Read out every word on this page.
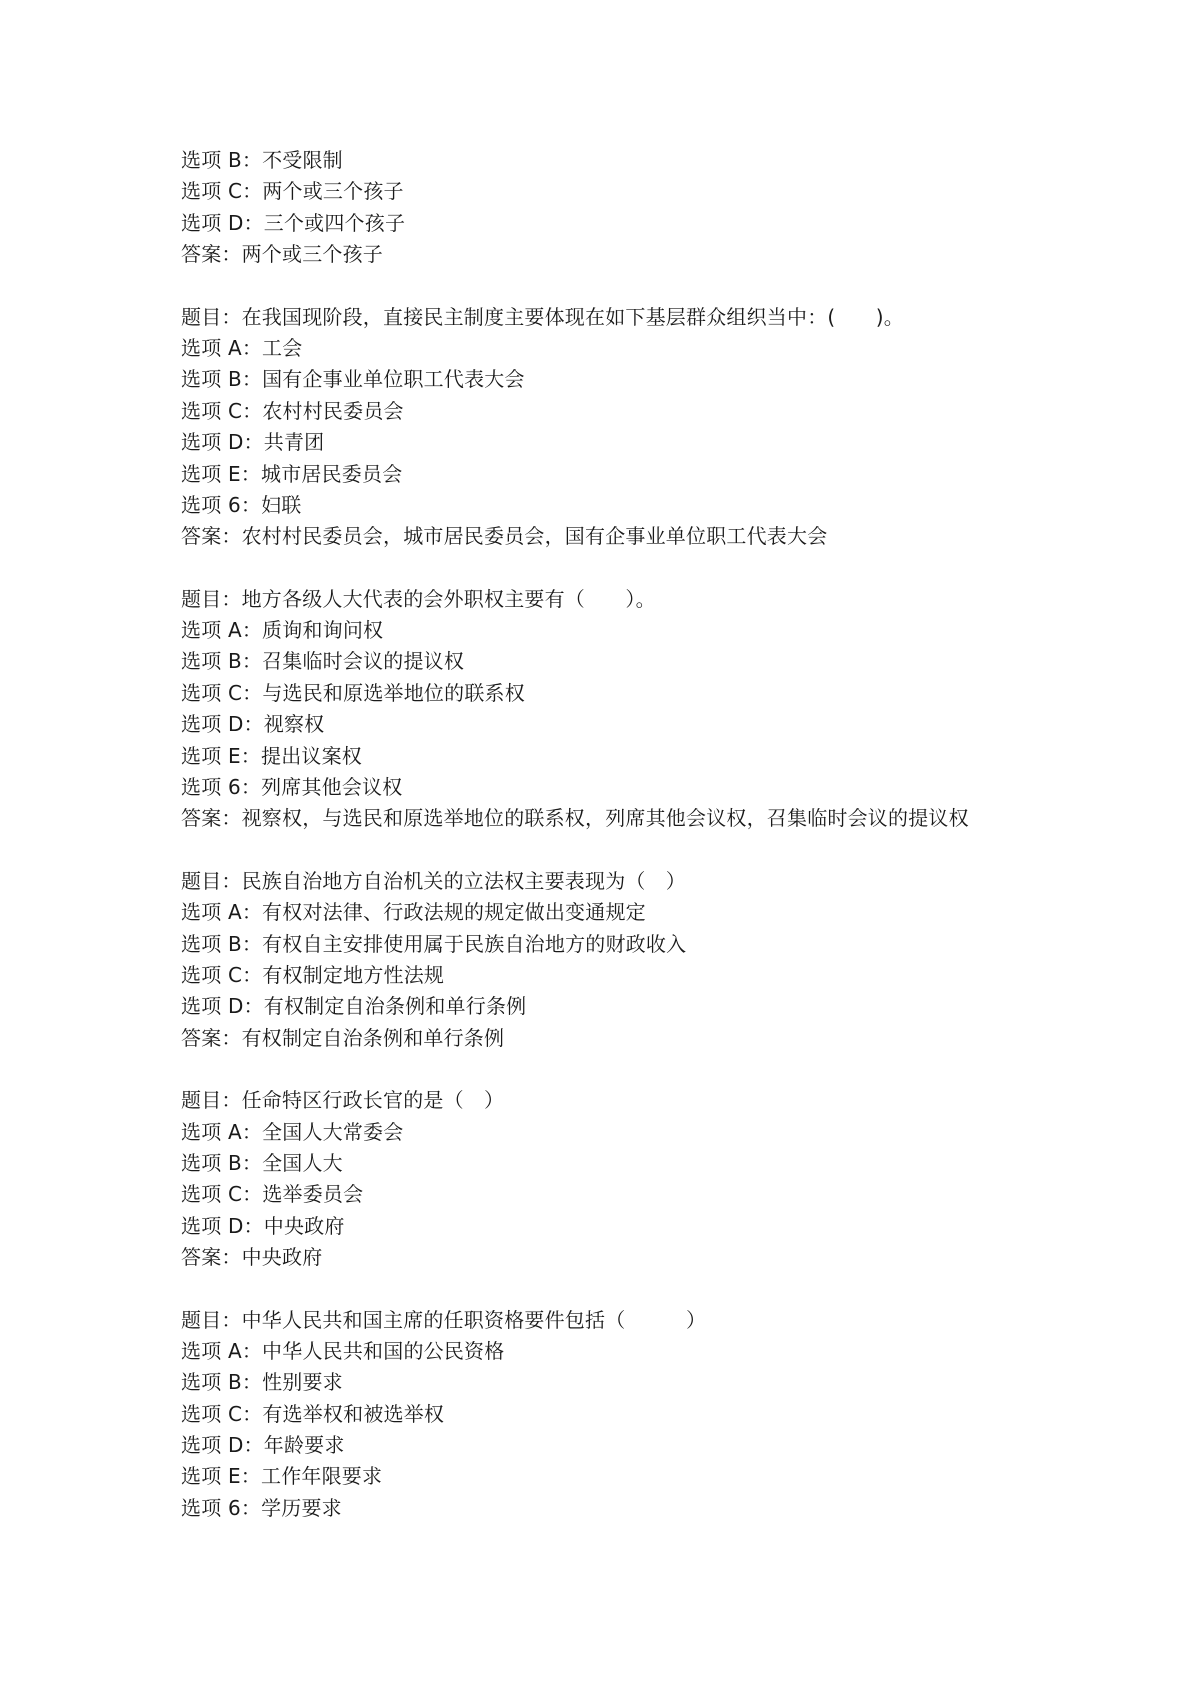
选项 B：不受限制
选项 C：两个或三个孩子
选项 D：三个或四个孩子
答案：两个或三个孩子
题目：在我国现阶段，直接民主制度主要体现在如下基层群众组织当中：(　　)。
选项 A：工会
选项 B：国有企事业单位职工代表大会
选项 C：农村村民委员会
选项 D：共青团
选项 E：城市居民委员会
选项 6：妇联
答案：农村村民委员会，城市居民委员会，国有企事业单位职工代表大会
题目：地方各级人大代表的会外职权主要有（　　）。
选项 A：质询和询问权
选项 B：召集临时会议的提议权
选项 C：与选民和原选举地位的联系权
选项 D：视察权
选项 E：提出议案权
选项 6：列席其他会议权
答案：视察权，与选民和原选举地位的联系权，列席其他会议权，召集临时会议的提议权
题目：民族自治地方自治机关的立法权主要表现为（　）
选项 A：有权对法律、行政法规的规定做出变通规定
选项 B：有权自主安排使用属于民族自治地方的财政收入
选项 C：有权制定地方性法规
选项 D：有权制定自治条例和单行条例
答案：有权制定自治条例和单行条例
题目：任命特区行政长官的是（　）
选项 A：全国人大常委会
选项 B：全国人大
选项 C：选举委员会
选项 D：中央政府
答案：中央政府
题目：中华人民共和国主席的任职资格要件包括（　　　）
选项 A：中华人民共和国的公民资格
选项 B：性别要求
选项 C：有选举权和被选举权
选项 D：年龄要求
选项 E：工作年限要求
选项 6：学历要求
